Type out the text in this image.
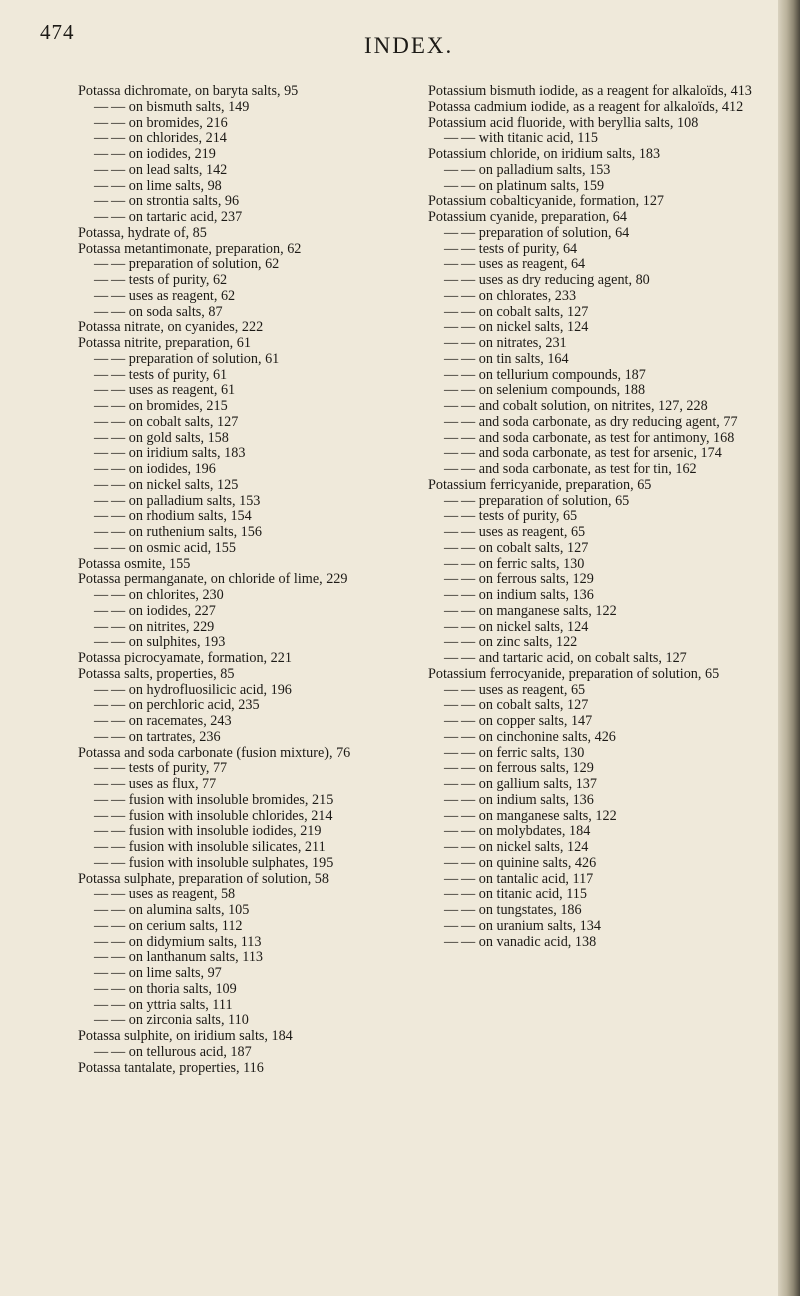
474
INDEX.

Potassa dichromate, on baryta salts, 95

— — on bismuth salts, 149

— — on bromides, 216

— — on chlorides, 214

— — on iodides, 219

— — on lead salts, 142

— — on lime salts, 98

— — on strontia salts, 96

— — on tartaric acid, 237

Potassa, hydrate of, 85

Potassa metantimonate, preparation, 62

— — preparation of solution, 62

— — tests of purity, 62

— — uses as reagent, 62

— — on soda salts, 87

Potassa nitrate, on cyanides, 222

Potassa nitrite, preparation, 61

— — preparation of solution, 61

— — tests of purity, 61

— — uses as reagent, 61

— — on bromides, 215

— — on cobalt salts, 127

— — on gold salts, 158

— — on iridium salts, 183

— — on iodides, 196

— — on nickel salts, 125

— — on palladium salts, 153

— — on rhodium salts, 154

— — on ruthenium salts, 156

— — on osmic acid, 155

Potassa osmite, 155

Potassa permanganate, on chloride of lime, 229

— — on chlorites, 230

— — on iodides, 227

— — on nitrites, 229

— — on sulphites, 193

Potassa picrocyamate, formation, 221

Potassa salts, properties, 85

— — on hydrofluosilicic acid, 196

— — on perchloric acid, 235

— — on racemates, 243

— — on tartrates, 236

Potassa and soda carbonate (fusion mixture), 76

— — tests of purity, 77

— — uses as flux, 77

— — fusion with insoluble bromides, 215

— — fusion with insoluble chlorides, 214

— — fusion with insoluble iodides, 219

— — fusion with insoluble silicates, 211

— — fusion with insoluble sulphates, 195

Potassa sulphate, preparation of solution, 58

— — uses as reagent, 58

— — on alumina salts, 105

— — on cerium salts, 112

— — on didymium salts, 113

— — on lanthanum salts, 113

— — on lime salts, 97

— — on thoria salts, 109

— — on yttria salts, 111

— — on zirconia salts, 110

Potassa sulphite, on iridium salts, 184

— — on tellurous acid, 187

Potassa tantalate, properties, 116

Potassium bismuth iodide, as a reagent for alkaloïds, 413

Potassa cadmium iodide, as a reagent for alkaloïds, 412

Potassium acid fluoride, with beryllia salts, 108

— — with titanic acid, 115

Potassium chloride, on iridium salts, 183

— — on palladium salts, 153

— — on platinum salts, 159

Potassium cobalticyanide, formation, 127

Potassium cyanide, preparation, 64

— — preparation of solution, 64

— — tests of purity, 64

— — uses as reagent, 64

— — uses as dry reducing agent, 80

— — on chlorates, 233

— — on cobalt salts, 127

— — on nickel salts, 124

— — on nitrates, 231

— — on tin salts, 164

— — on tellurium compounds, 187

— — on selenium compounds, 188

— — and cobalt solution, on nitrites, 127, 228

— — and soda carbonate, as dry reducing agent, 77

— — and soda carbonate, as test for antimony, 168

— — and soda carbonate, as test for arsenic, 174

— — and soda carbonate, as test for tin, 162

Potassium ferricyanide, preparation, 65

— — preparation of solution, 65

— — tests of purity, 65

— — uses as reagent, 65

— — on cobalt salts, 127

— — on ferric salts, 130

— — on ferrous salts, 129

— — on indium salts, 136

— — on manganese salts, 122

— — on nickel salts, 124

— — on zinc salts, 122

— — and tartaric acid, on cobalt salts, 127

Potassium ferrocyanide, preparation of solution, 65

— — uses as reagent, 65

— — on cobalt salts, 127

— — on copper salts, 147

— — on cinchonine salts, 426

— — on ferric salts, 130

— — on ferrous salts, 129

— — on gallium salts, 137

— — on indium salts, 136

— — on manganese salts, 122

— — on molybdates, 184

— — on nickel salts, 124

— — on quinine salts, 426

— — on tantalic acid, 117

— — on titanic acid, 115

— — on tungstates, 186

— — on uranium salts, 134

— — on vanadic acid, 138
